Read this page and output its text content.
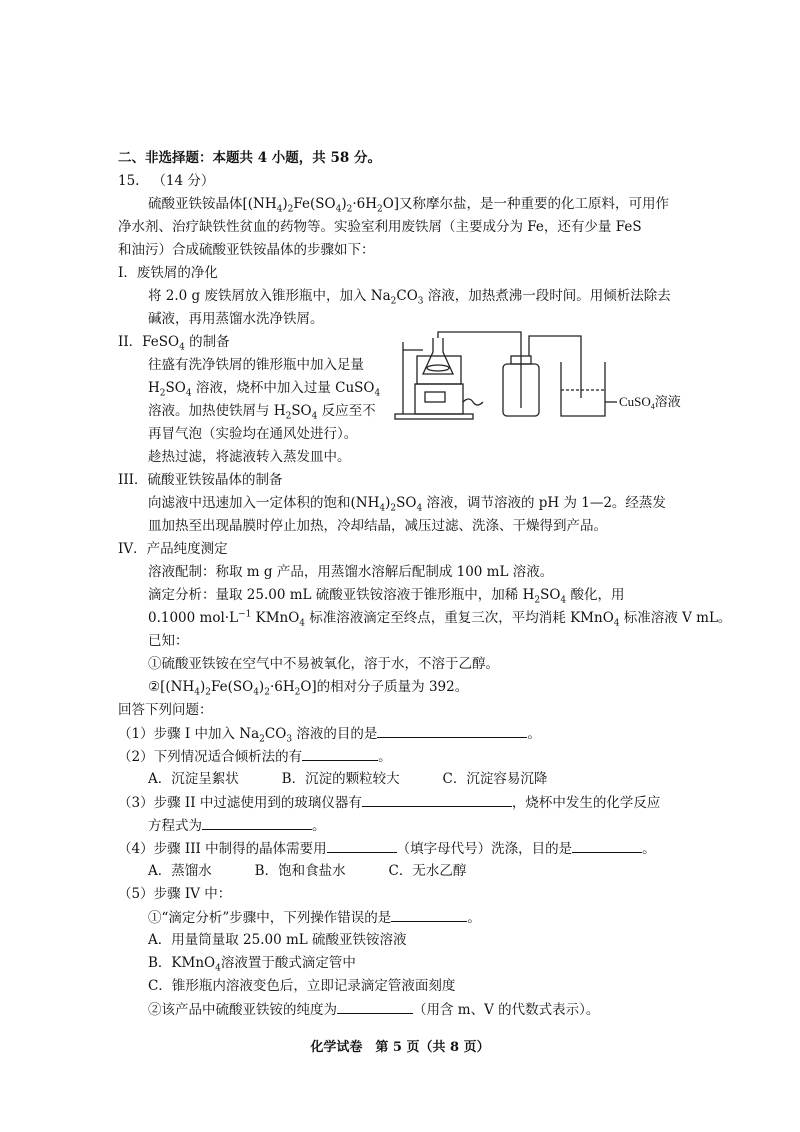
二、非选择题：本题共 4 小题，共 58 分。
15. （14 分）
硫酸亚铁铵晶体$[(NH_4)_2Fe(SO_4)_2\cdot 6H_2O]$又称摩尔盐，是一种重要的化工原料，可用作
净水剂、治疗缺铁性贫血的药物等。实验室利用废铁屑（主要成分为 Fe，还有少量 FeS
和油污）合成硫酸亚铁铵晶体的步骤如下：
I．废铁屑的净化
将 2.0 g 废铁屑放入锥形瓶中，加入 $Na_2CO_3$ 溶液，加热煮沸一段时间。用倾析法除去
碱液，再用蒸馏水洗净铁屑。
II．FeSO$_4$ 的制备
往盛有洗净铁屑的锥形瓶中加入足量
$H_2SO_4$ 溶液，烧杯中加入过量 CuSO$_4$
溶液。加热使铁屑与 $H_2SO_4$ 反应至不
再冒气泡（实验均在通风处进行）。
趁热过滤，将滤液转入蒸发皿中。
CuSO$_4$溶液
III．硫酸亚铁铵晶体的制备
向滤液中迅速加入一定体积的饱和$(NH_4)_2SO_4$ 溶液，调节溶液的 pH 为 1—2。经蒸发
皿加热至出现晶膜时停止加热，冷却结晶，减压过滤、洗涤、干燥得到产品。
IV．产品纯度测定
溶液配制：称取 m g 产品，用蒸馏水溶解后配制成 100 mL 溶液。
滴定分析：量取 25.00 mL 硫酸亚铁铵溶液于锥形瓶中，加稀 $H_2SO_4$ 酸化，用
0.1000 $mol\cdot L^{-1}$ KMnO$_4$ 标准溶液滴定至终点，重复三次，平均消耗 KMnO$_4$ 标准溶液 V mL。
已知：
①硫酸亚铁铵在空气中不易被氧化，溶于水，不溶于乙醇。
$②[(NH_4)_2Fe(SO_4)_2\cdot 6H_2O]$的相对分子质量为 392。
回答下列问题：
（1）步骤 I 中加入 $Na_2CO_3$ 溶液的目的是	。
（2）下列情况适合倾析法的有	。
A．沉淀呈絮状          B．沉淀的颗粒较大          C．沉淀容易沉降
（3）步骤 II 中过滤使用到的玻璃仪器有	，烧杯中发生的化学反应
方程式为	。
（4）步骤 III 中制得的晶体需要用	（填字母代号）洗涤，目的是	。
A．蒸馏水          B．饱和食盐水          C．无水乙醇
（5）步骤 IV 中：
①“滴定分析”步骤中，下列操作错误的是	。
A．用量筒量取 25.00 mL 硫酸亚铁铵溶液
B．KMnO$_4$溶液置于酸式滴定管中
C．锥形瓶内溶液变色后，立即记录滴定管液面刻度
②该产品中硫酸亚铁铵的纯度为	（用含 m、V 的代数式表示）。
化学试卷　第 5 页（共 8 页）
